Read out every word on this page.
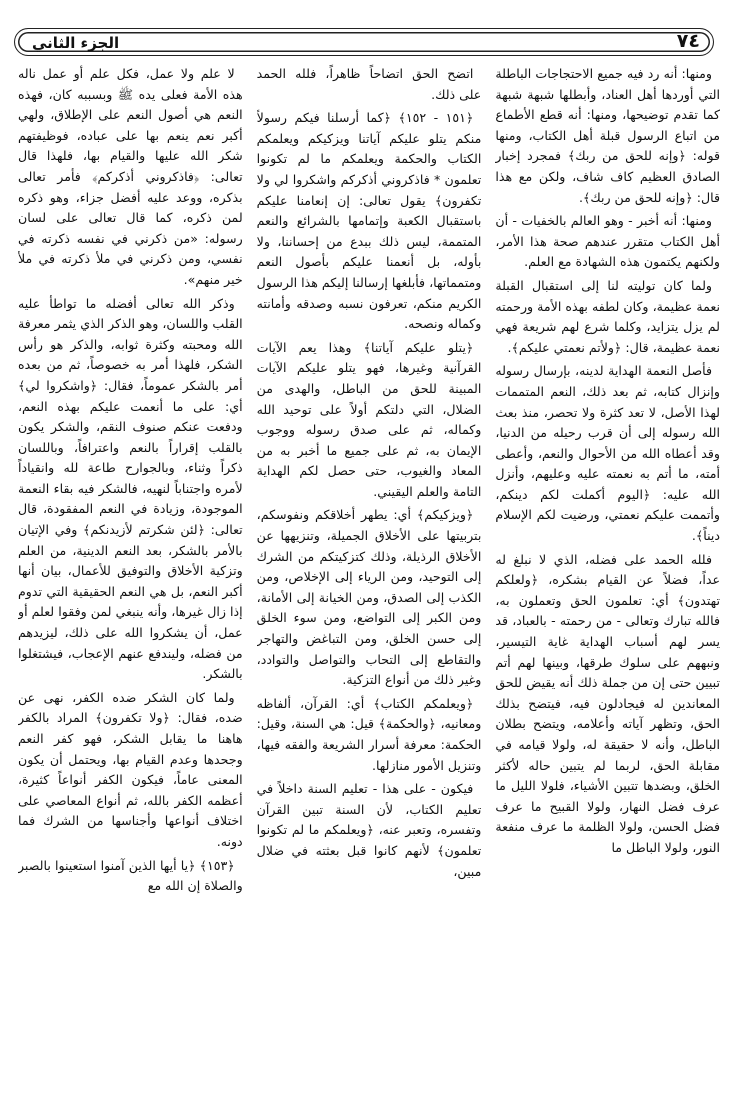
٧٤
الجزء الثاني

ومنها: أنه رد فيه جميع الاحتجاجات الباطلة التي أوردها أهل العناد، وأبطلها شبهة شبهة كما تقدم توضيحها، ومنها: أنه قطع الأطماع من اتباع الرسول قبلة أهل الكتاب، ومنها قوله: ﴿وإنه للحق من ربك﴾ فمجرد إخبار الصادق العظيم كاف شاف، ولكن مع هذا قال: ﴿وإنه للحق من ربك﴾.

ومنها: أنه أخبر - وهو العالم بالخفيات - أن أهل الكتاب متقرر عندهم صحة هذا الأمر، ولكنهم يكتمون هذه الشهادة مع العلم.

ولما كان توليته لنا إلى استقبال القبلة نعمة عظيمة، وكان لطفه بهذه الأمة ورحمته لم يزل يتزايد، وكلما شرع لهم شريعة فهي نعمة عظيمة، قال: ﴿ولأتم نعمتي عليكم﴾.

فأصل النعمة الهداية لدينه، بإرسال رسوله وإنزال كتابه، ثم بعد ذلك، النعم المتممات لهذا الأصل، لا تعد كثرة ولا تحصر، منذ بعث الله رسوله إلى أن قرب رحيله من الدنيا، وقد أعطاه الله من الأحوال والنعم، وأعطى أمته، ما أتم به نعمته عليه وعليهم، وأنزل الله عليه: ﴿اليوم أكملت لكم دينكم، وأتممت عليكم نعمتي، ورضيت لكم الإسلام ديناً﴾.

فلله الحمد على فضله، الذي لا نبلغ له عداً، فضلاً عن القيام بشكره، ﴿ولعلكم تهتدون﴾ أي: تعلمون الحق وتعملون به، فالله تبارك وتعالى - من رحمته - بالعباد، قد يسر لهم أسباب الهداية غاية التيسير، ونبههم على سلوك طرقها، وبينها لهم أتم تبيين حتى إن من جملة ذلك أنه يقيض للحق المعاندين له فيجادلون فيه، فيتضح بذلك الحق، وتظهر آياته وأعلامه، ويتضح بطلان الباطل، وأنه لا حقيقة له، ولولا قيامه في مقابلة الحق، لربما لم يتبين حاله لأكثر الخلق، وبضدها تتبين الأشياء، فلولا الليل ما عرف فضل النهار، ولولا القبيح ما عرف فضل الحسن، ولولا الظلمة ما عرف منفعة النور، ولولا الباطل ما

اتضح الحق اتضاحاً ظاهراً، فلله الحمد على ذلك.

﴿١٥١ - ١٥٢﴾ ﴿كما أرسلنا فيكم رسولاً منكم يتلو عليكم آياتنا ويزكيكم ويعلمكم الكتاب والحكمة ويعلمكم ما لم تكونوا تعلمون * فاذكروني أذكركم واشكروا لي ولا تكفرون﴾ يقول تعالى: إن إنعامنا عليكم باستقبال الكعبة وإتمامها بالشرائع والنعم المتممة، ليس ذلك ببدع من إحساننا، ولا بأوله، بل أنعمنا عليكم بأصول النعم ومتمماتها، فأبلغها إرسالنا إليكم هذا الرسول الكريم منكم، تعرفون نسبه وصدقه وأمانته وكماله ونصحه.

﴿يتلو عليكم آياتنا﴾ وهذا يعم الآيات القرآنية وغيرها، فهو يتلو عليكم الآيات المبينة للحق من الباطل، والهدى من الضلال، التي دلتكم أولاً على توحيد الله وكماله، ثم على صدق رسوله ووجوب الإيمان به، ثم على جميع ما أخبر به من المعاد والغيوب، حتى حصل لكم الهداية التامة والعلم اليقيني.

﴿ويزكيكم﴾ أي: يطهر أخلاقكم ونفوسكم، بتربيتها على الأخلاق الجميلة، وتنزيهها عن الأخلاق الرذيلة، وذلك كتزكيتكم من الشرك إلى التوحيد، ومن الرياء إلى الإخلاص، ومن الكذب إلى الصدق، ومن الخيانة إلى الأمانة، ومن الكبر إلى التواضع، ومن سوء الخلق إلى حسن الخلق، ومن التباغض والتهاجر والتقاطع إلى التحاب والتواصل والتوادد، وغير ذلك من أنواع التزكية.

﴿ويعلمكم الكتاب﴾ أي: القرآن، ألفاظه ومعانيه، ﴿والحكمة﴾ قيل: هي السنة، وقيل: الحكمة: معرفة أسرار الشريعة والفقه فيها، وتنزيل الأمور منازلها.

فيكون - على هذا - تعليم السنة داخلاً في تعليم الكتاب، لأن السنة تبين القرآن وتفسره، وتعبر عنه، ﴿ويعلمكم ما لم تكونوا تعلمون﴾ لأنهم كانوا قبل بعثته في ضلال مبين،

لا علم ولا عمل، فكل علم أو عمل ناله هذه الأمة فعلى يده ﷺ وبسببه كان، فهذه النعم هي أصول النعم على الإطلاق، ولهي أكبر نعم ينعم بها على عباده، فوظيفتهم شكر الله عليها والقيام بها، فلهذا قال تعالى: ﴿فاذكروني أذكركم﴾ فأمر تعالى بذكره، ووعد عليه أفضل جزاء، وهو ذكره لمن ذكره، كما قال تعالى على لسان رسوله: «من ذكرني في نفسه ذكرته في نفسي، ومن ذكرني في ملأ ذكرته في ملأ خير منهم».

وذكر الله تعالى أفضله ما تواطأ عليه القلب واللسان، وهو الذكر الذي يثمر معرفة الله ومحبته وكثرة ثوابه، والذكر هو رأس الشكر، فلهذا أمر به خصوصاً، ثم من بعده أمر بالشكر عموماً، فقال: ﴿واشكروا لي﴾ أي: على ما أنعمت عليكم بهذه النعم، ودفعت عنكم صنوف النقم، والشكر يكون بالقلب إقراراً بالنعم واعترافاً، وباللسان ذكراً وثناء، وبالجوارح طاعة لله وانقياداً لأمره واجتناباً لنهيه، فالشكر فيه بقاء النعمة الموجودة، وزيادة في النعم المفقودة، قال تعالى: ﴿لئن شكرتم لأزيدنكم﴾ وفي الإتيان بالأمر بالشكر، بعد النعم الدينية، من العلم وتزكية الأخلاق والتوفيق للأعمال، بيان أنها أكبر النعم، بل هي النعم الحقيقية التي تدوم إذا زال غيرها، وأنه ينبغي لمن وفقوا لعلم أو عمل، أن يشكروا الله على ذلك، ليزيدهم من فضله، وليندفع عنهم الإعجاب، فيشتغلوا بالشكر.

ولما كان الشكر ضده الكفر، نهى عن ضده، فقال: ﴿ولا تكفرون﴾ المراد بالكفر هاهنا ما يقابل الشكر، فهو كفر النعم وجحدها وعدم القيام بها، ويحتمل أن يكون المعنى عاماً، فيكون الكفر أنواعاً كثيرة، أعظمه الكفر بالله، ثم أنواع المعاصي على اختلاف أنواعها وأجناسها من الشرك فما دونه.

﴿١٥٣﴾ ﴿يا أيها الذين آمنوا استعينوا بالصبر والصلاة إن الله مع
